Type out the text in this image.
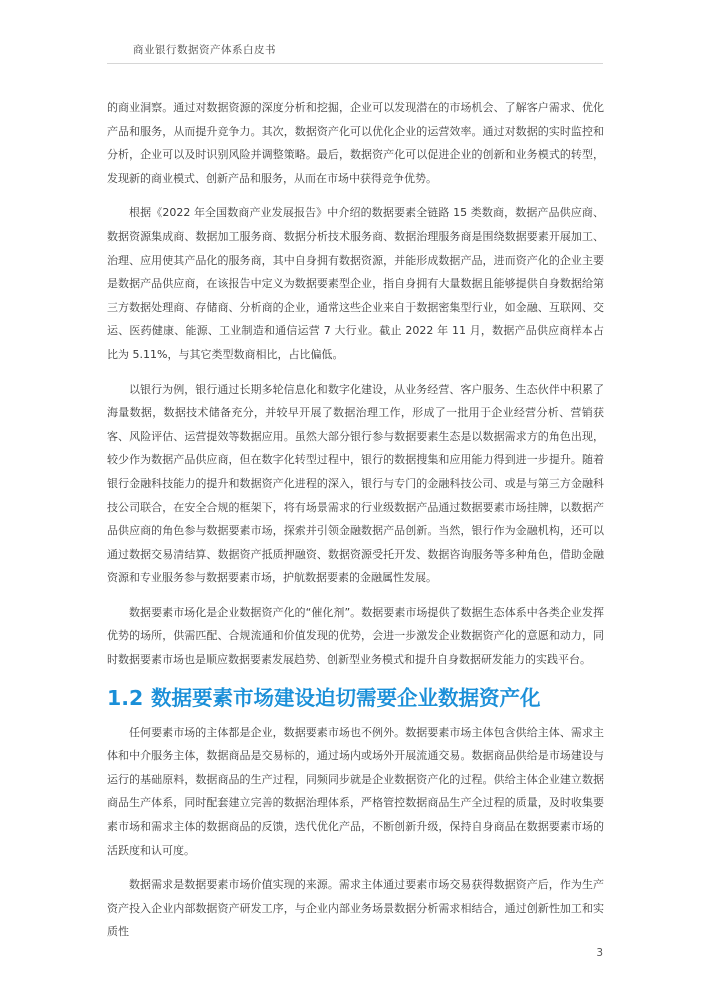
商业银行数据资产体系白皮书

的商业洞察。通过对数据资源的深度分析和挖掘，企业可以发现潜在的市场机会、了解客户需求、优化产品和服务，从而提升竞争力。其次，数据资产化可以优化企业的运营效率。通过对数据的实时监控和分析，企业可以及时识别风险并调整策略。最后，数据资产化可以促进企业的创新和业务模式的转型，发现新的商业模式、创新产品和服务，从而在市场中获得竞争优势。

根据《2022 年全国数商产业发展报告》中介绍的数据要素全链路 15 类数商，数据产品供应商、数据资源集成商、数据加工服务商、数据分析技术服务商、数据治理服务商是围绕数据要素开展加工、治理、应用使其产品化的服务商，其中自身拥有数据资源，并能形成数据产品，进而资产化的企业主要是数据产品供应商，在该报告中定义为数据要素型企业，指自身拥有大量数据且能够提供自身数据给第三方数据处理商、存储商、分析商的企业，通常这些企业来自于数据密集型行业，如金融、互联网、交运、医药健康、能源、工业制造和通信运营 7 大行业。截止 2022 年 11 月，数据产品供应商样本占比为 5.11%，与其它类型数商相比，占比偏低。

以银行为例，银行通过长期多轮信息化和数字化建设，从业务经营、客户服务、生态伙伴中积累了海量数据，数据技术储备充分，并较早开展了数据治理工作，形成了一批用于企业经营分析、营销获客、风险评估、运营提效等数据应用。虽然大部分银行参与数据要素生态是以数据需求方的角色出现，较少作为数据产品供应商，但在数字化转型过程中，银行的数据搜集和应用能力得到进一步提升。随着银行金融科技能力的提升和数据资产化进程的深入，银行与专门的金融科技公司、或是与第三方金融科技公司联合，在安全合规的框架下，将有场景需求的行业级数据产品通过数据要素市场挂牌，以数据产品供应商的角色参与数据要素市场，探索并引领金融数据产品创新。当然，银行作为金融机构，还可以通过数据交易清结算、数据资产抵质押融资、数据资源受托开发、数据咨询服务等多种角色，借助金融资源和专业服务参与数据要素市场，护航数据要素的金融属性发展。

数据要素市场化是企业数据资产化的“催化剂”。数据要素市场提供了数据生态体系中各类企业发挥优势的场所，供需匹配、合规流通和价值发现的优势，会进一步激发企业数据资产化的意愿和动力，同时数据要素市场也是顺应数据要素发展趋势、创新型业务模式和提升自身数据研发能力的实践平台。

1.2 数据要素市场建设迫切需要企业数据资产化

任何要素市场的主体都是企业，数据要素市场也不例外。数据要素市场主体包含供给主体、需求主体和中介服务主体，数据商品是交易标的，通过场内或场外开展流通交易。数据商品供给是市场建设与运行的基础原料，数据商品的生产过程，同频同步就是企业数据资产化的过程。供给主体企业建立数据商品生产体系，同时配套建立完善的数据治理体系，严格管控数据商品生产全过程的质量，及时收集要素市场和需求主体的数据商品的反馈，迭代优化产品，不断创新升级，保持自身商品在数据要素市场的活跃度和认可度。

数据需求是数据要素市场价值实现的来源。需求主体通过要素市场交易获得数据资产后，作为生产资产投入企业内部数据资产研发工序，与企业内部业务场景数据分析需求相结合，通过创新性加工和实质性

3
